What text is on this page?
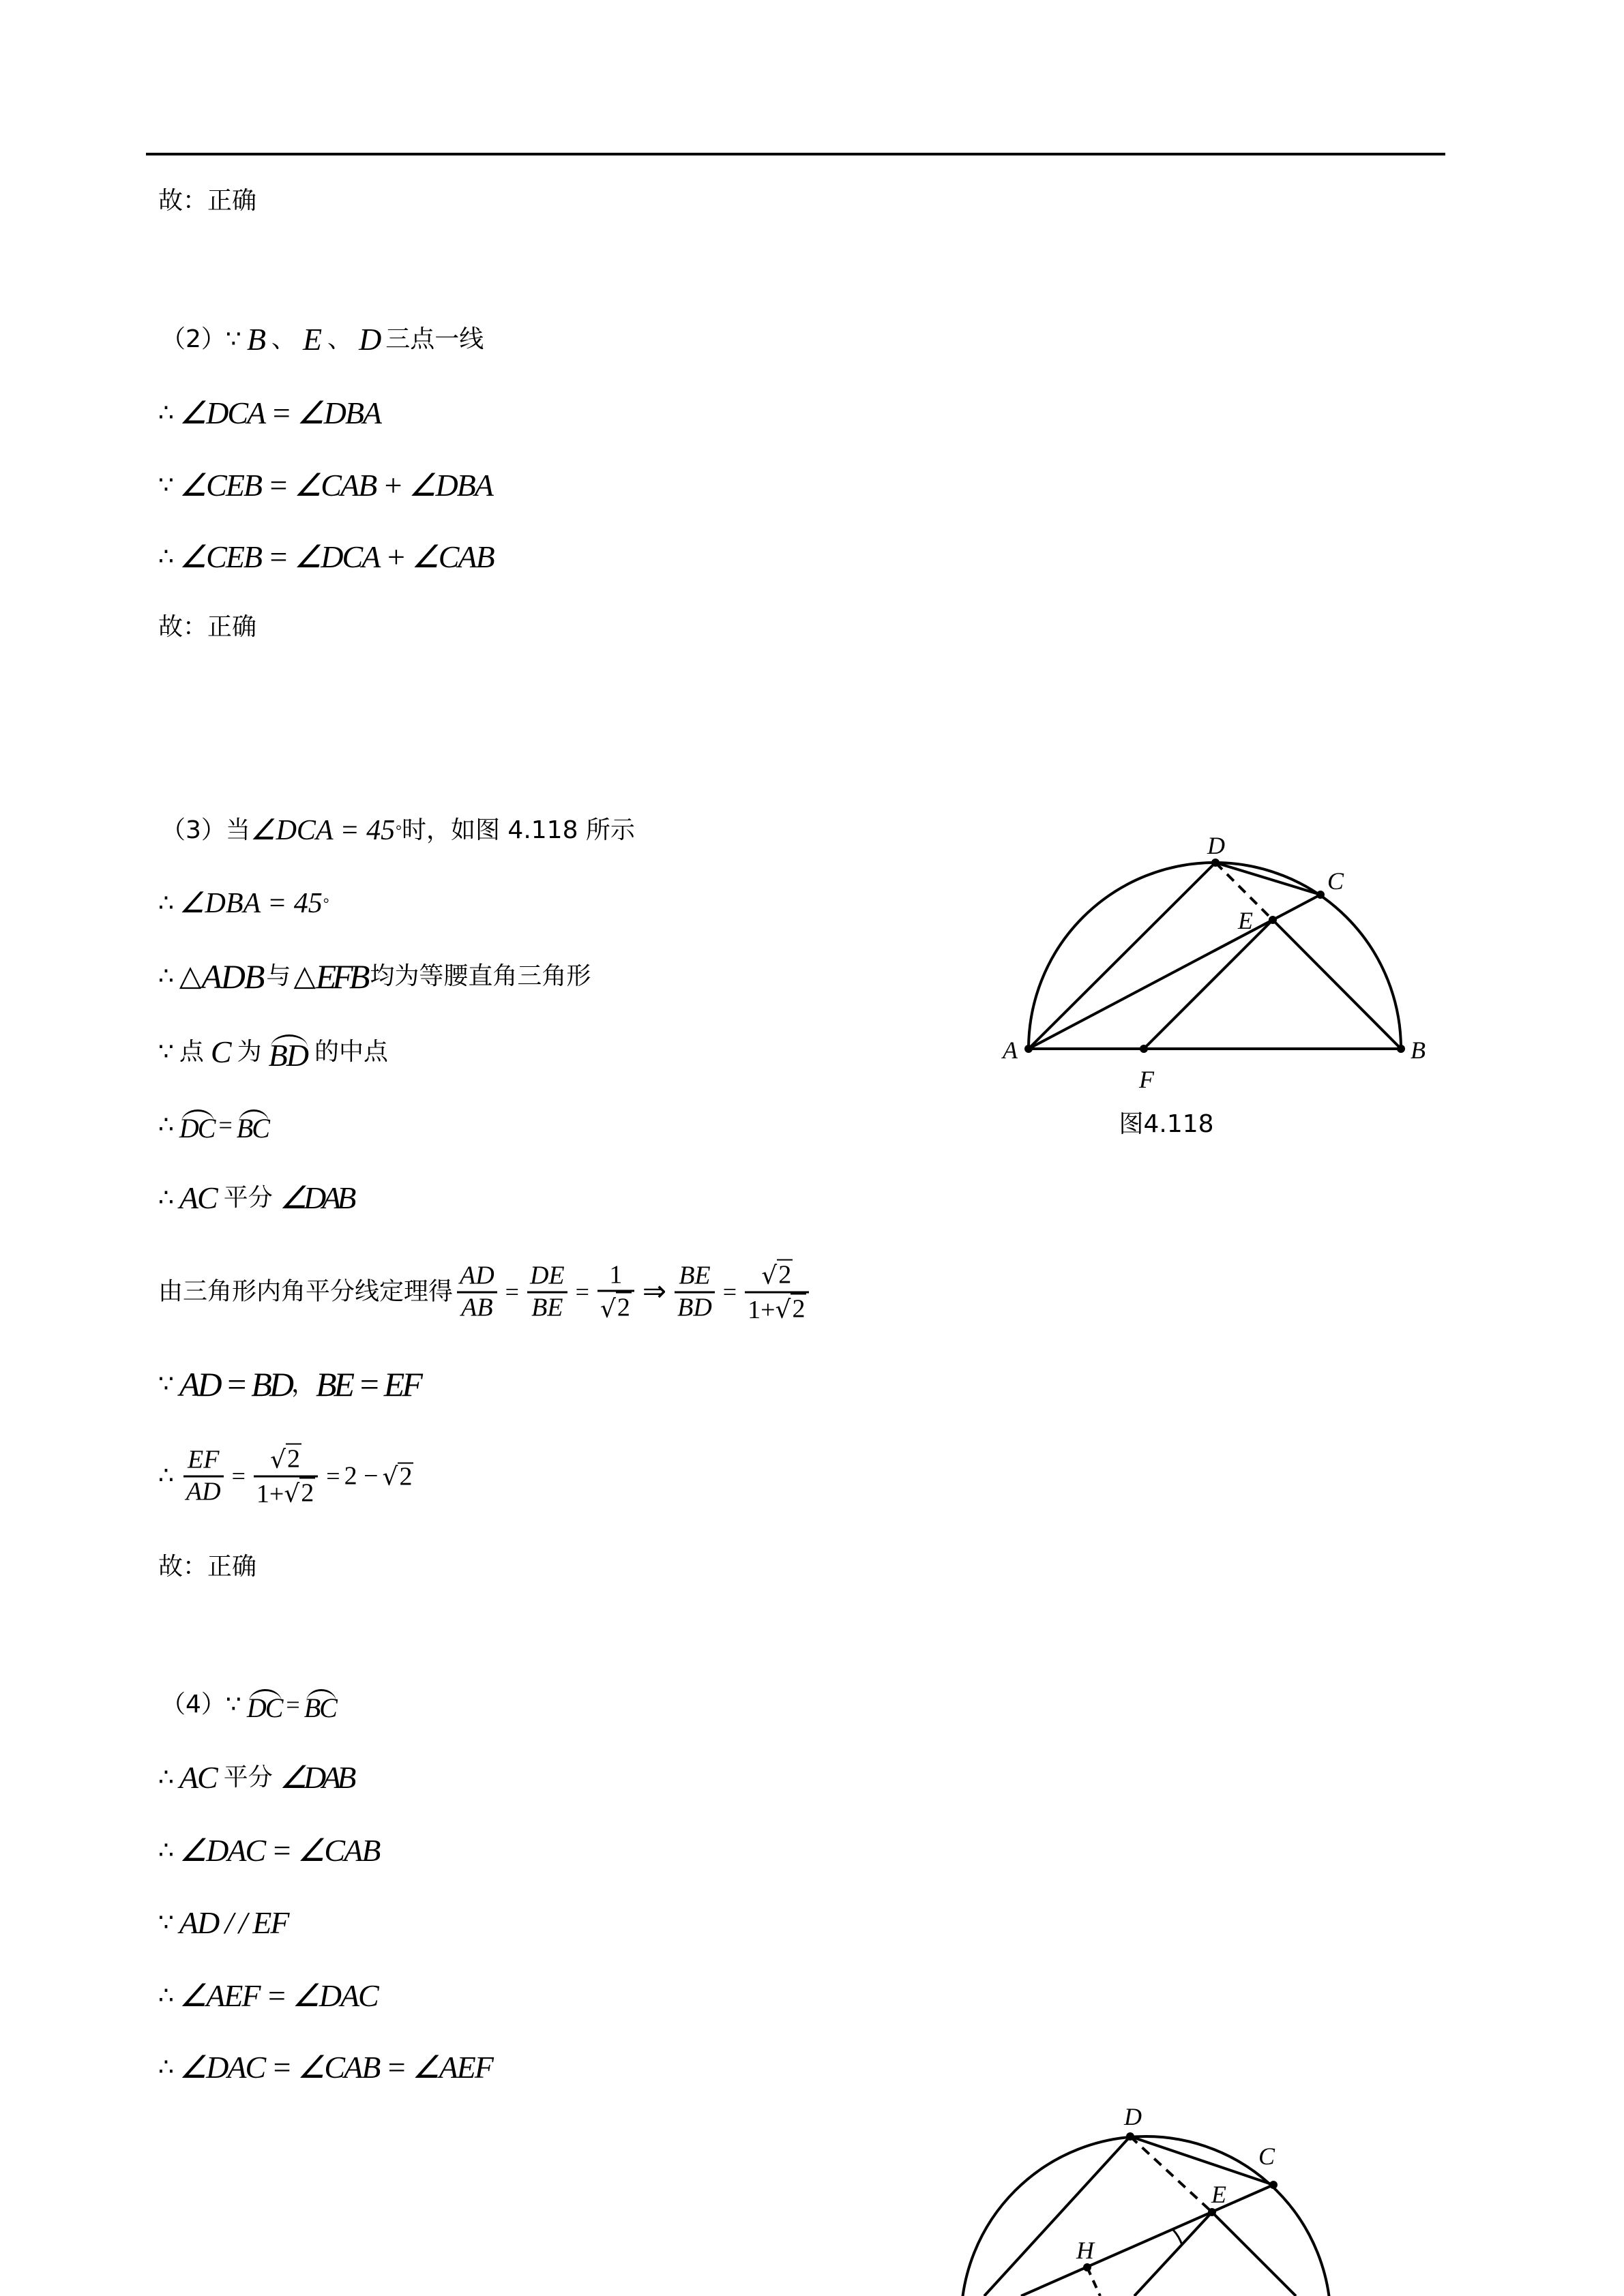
故：正确
（2） ∵ B 、 E 、 D 三点一线
∴ ∠DCA = ∠DBA
∵ ∠CEB = ∠CAB + ∠DBA
∴ ∠CEB = ∠DCA + ∠CAB
故：正确
（3） 当 ∠DCA = 45 ° 时，如图 4.118 所示
∴ ∠DBA = 45 °
∴ △ ADB 与 △ EFB 均为等腰直角三角形
∵ 点 C 为 BD 的中点
∴ DC = BC
∴ AC 平分 ∠DAB
由三角形内角平分线定理得 $\frac{AD}{AB} = \frac{DE}{BE} = \frac{1}{√ 2}$ ⇒ $\frac{BE}{BD} = \frac{√ 2}{1+ √ 2}$
∵ AD = BD ， BE = EF
∴ $\frac{EF}{AD} = \frac{√ 2}{1+ √ 2} = 2$ − √ 2
故：正确
（4） ∵ DC = BC
∴ AC 平分 ∠DAB
∴ ∠DAC = ∠CAB
∵ AD / / EF
∴ ∠AEF = ∠DAC
∴ ∠DAC = ∠CAB = ∠AEF
A	B
C
D
E
F
图4.118
D
C
E
H
